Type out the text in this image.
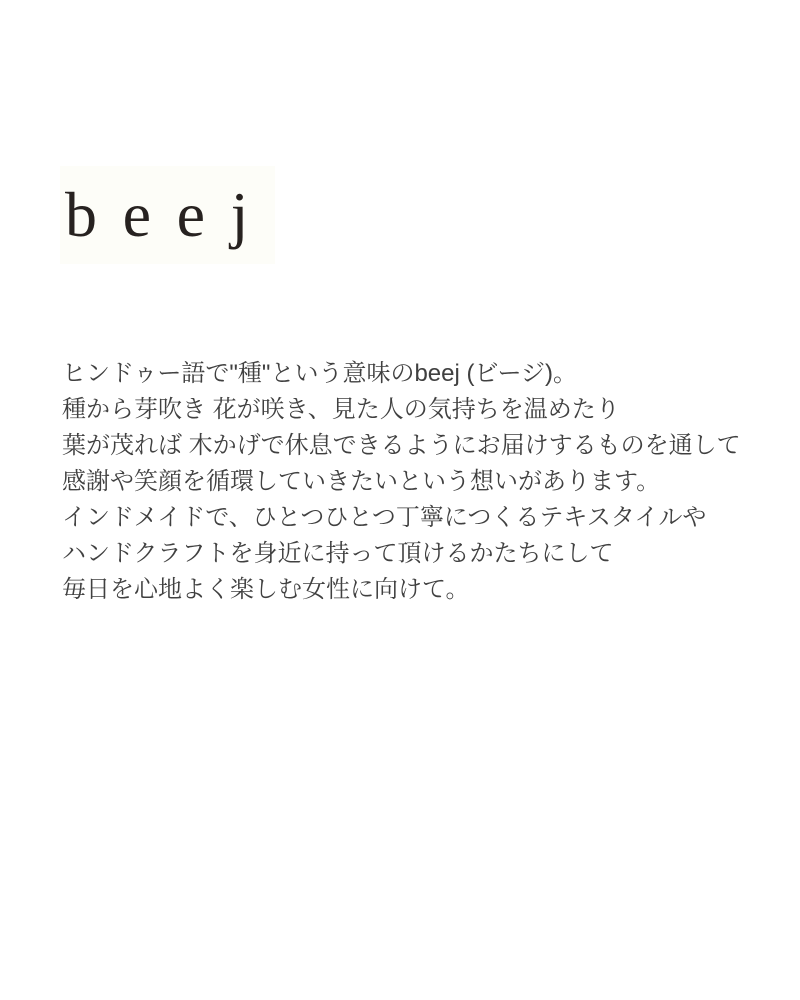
beej
ヒンドゥー語で"種"という意味のbeej (ビージ)。
種から芽吹き 花が咲き、見た人の気持ちを温めたり
葉が茂れば 木かげで休息できるようにお届けするものを通して
感謝や笑顔を循環していきたいという想いがあります。
インドメイドで、ひとつひとつ丁寧につくるテキスタイルや
ハンドクラフトを身近に持って頂けるかたちにして
毎日を心地よく楽しむ女性に向けて。
